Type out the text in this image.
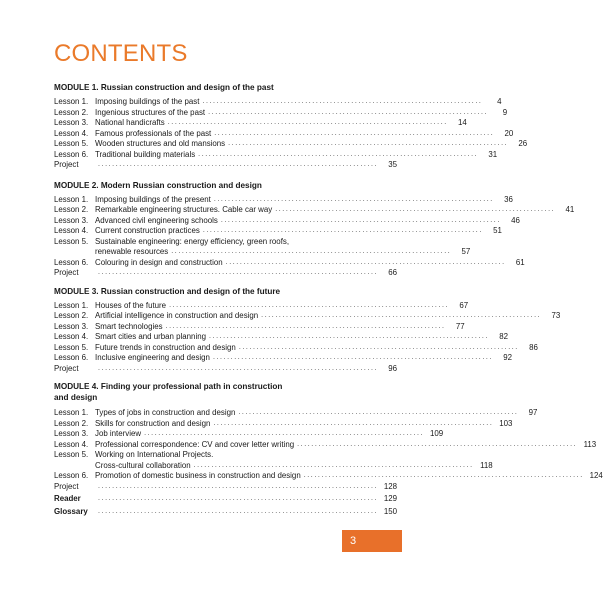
CONTENTS
MODULE 1. Russian construction and design of the past
Lesson 1. Imposing buildings of the past ...............................................................................	4
Lesson 2. Ingenious structures of the past ...............................................................................	9
Lesson 3. National handicrafts ...............................................................................	14
Lesson 4. Famous professionals of the past ...............................................................................	20
Lesson 5. Wooden structures and old mansions ...............................................................................	26
Lesson 6. Traditional building materials ...............................................................................	31
Project	...............................................................................	35
MODULE 2. Modern Russian construction and design
Lesson 1. Imposing buildings of the present ...............................................................................	36
Lesson 2. Remarkable engineering structures. Cable car way ...............................................................................	41
Lesson 3. Advanced civil engineering schools ...............................................................................	46
Lesson 4. Current construction practices ...............................................................................	51
Lesson 5. Sustainable engineering: energy efficiency, green roofs,
renewable resources ...............................................................................	57
Lesson 6. Colouring in design and construction ...............................................................................	61
Project	...............................................................................	66
MODULE 3. Russian construction and design of the future
Lesson 1. Houses of the future ...............................................................................	67
Lesson 2. Artificial intelligence in construction and design ...............................................................................	73
Lesson 3. Smart technologies ...............................................................................	77
Lesson 4. Smart cities and urban planning ...............................................................................	82
Lesson 5. Future trends in construction and design ...............................................................................	86
Lesson 6. Inclusive engineering and design ...............................................................................	92
Project	...............................................................................	96
MODULE 4. Finding your professional path in construction
and design
Lesson 1. Types of jobs in construction and design ...............................................................................	97
Lesson 2. Skills for construction and design ............................................................................... 103
Lesson 3. Job interview ............................................................................... 109
Lesson 4. Professional correspondence: CV and cover letter writing ............................................................................... 113
Lesson 5. Working on International Projects.
Cross-cultural collaboration ............................................................................... 118
Lesson 6. Promotion of domestic business in construction and design ............................................................................... 124
Project	............................................................................... 128
Reader	............................................................................... 129
Glossary	............................................................................... 150
3
